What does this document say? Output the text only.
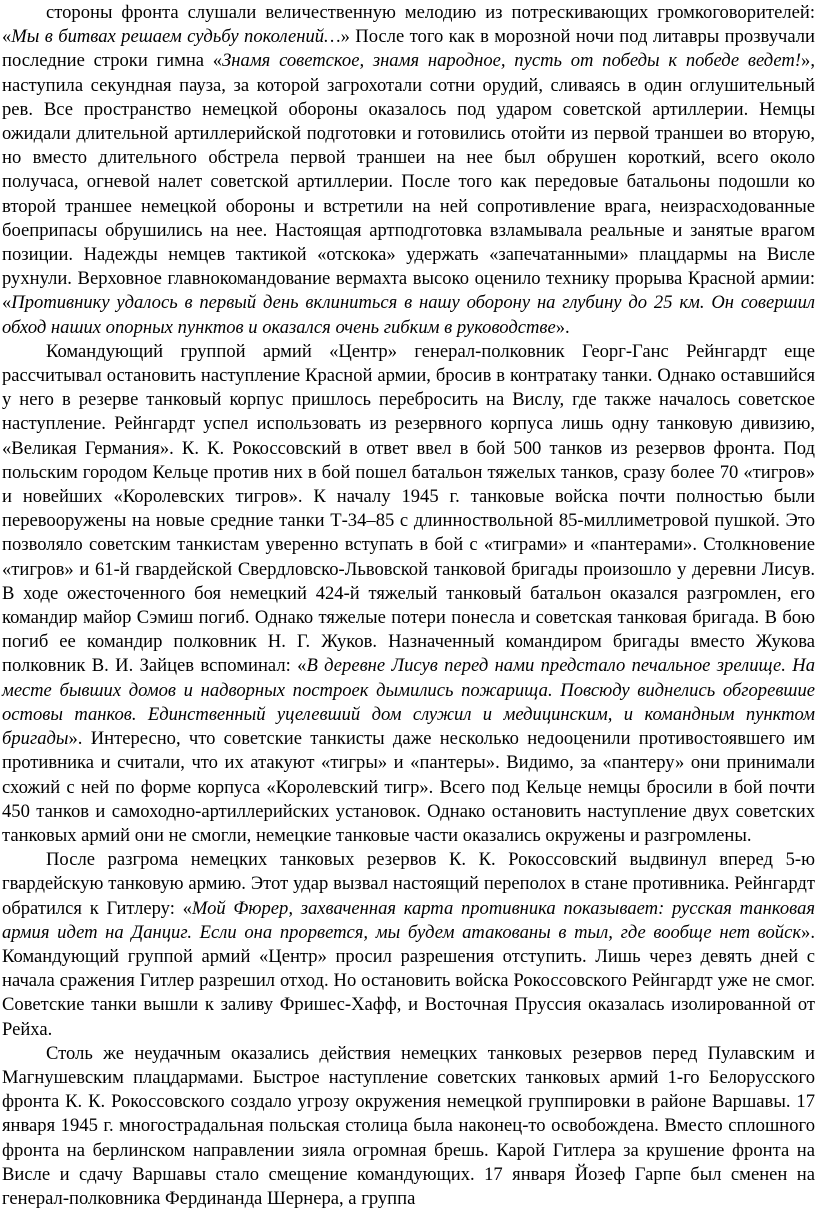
стороны фронта слушали величественную мелодию из потрескивающих громкоговорителей: «Мы в битвах решаем судьбу поколений…» После того как в морозной ночи под литавры прозвучали последние строки гимна «Знамя советское, знамя народное, пусть от победы к победе ведет!», наступила секундная пауза, за которой загрохотали сотни орудий, сливаясь в один оглушительный рев. Все пространство немецкой обороны оказалось под ударом советской артиллерии. Немцы ожидали длительной артиллерийской подготовки и готовились отойти из первой траншеи во вторую, но вместо длительного обстрела первой траншеи на нее был обрушен короткий, всего около получаса, огневой налет советской артиллерии. После того как передовые батальоны подошли ко второй траншее немецкой обороны и встретили на ней сопротивление врага, неизрасходованные боеприпасы обрушились на нее. Настоящая артподготовка взламывала реальные и занятые врагом позиции. Надежды немцев тактикой «отскока» удержать «запечатанными» плацдармы на Висле рухнули. Верховное главнокомандование вермахта высоко оценило технику прорыва Красной армии: «Противнику удалось в первый день вклиниться в нашу оборону на глубину до 25 км. Он совершил обход наших опорных пунктов и оказался очень гибким в руководстве».

Командующий группой армий «Центр» генерал-полковник Георг-Ганс Рейнгардт еще рассчитывал остановить наступление Красной армии, бросив в контратаку танки. Однако оставшийся у него в резерве танковый корпус пришлось перебросить на Вислу, где также началось советское наступление. Рейнгардт успел использовать из резервного корпуса лишь одну танковую дивизию, «Великая Германия». К. К. Рокоссовский в ответ ввел в бой 500 танков из резервов фронта. Под польским городом Кельце против них в бой пошел батальон тяжелых танков, сразу более 70 «тигров» и новейших «Королевских тигров». К началу 1945 г. танковые войска почти полностью были перевооружены на новые средние танки Т-34–85 с длинноствольной 85-миллиметровой пушкой. Это позволяло советским танкистам уверенно вступать в бой с «тиграми» и «пантерами». Столкновение «тигров» и 61-й гвардейской Свердловско-Львовской танковой бригады произошло у деревни Лисув. В ходе ожесточенного боя немецкий 424-й тяжелый танковый батальон оказался разгромлен, его командир майор Сэмиш погиб. Однако тяжелые потери понесла и советская танковая бригада. В бою погиб ее командир полковник Н. Г. Жуков. Назначенный командиром бригады вместо Жукова полковник В. И. Зайцев вспоминал: «В деревне Лисув перед нами предстало печальное зрелище. На месте бывших домов и надворных построек дымились пожарища. Повсюду виднелись обгоревшие остовы танков. Единственный уцелевший дом служил и медицинским, и командным пунктом бригады». Интересно, что советские танкисты даже несколько недооценили противостоявшего им противника и считали, что их атакуют «тигры» и «пантеры». Видимо, за «пантеру» они принимали схожий с ней по форме корпуса «Королевский тигр». Всего под Кельце немцы бросили в бой почти 450 танков и самоходно-артиллерийских установок. Однако остановить наступление двух советских танковых армий они не смогли, немецкие танковые части оказались окружены и разгромлены.

После разгрома немецких танковых резервов К. К. Рокоссовский выдвинул вперед 5-ю гвардейскую танковую армию. Этот удар вызвал настоящий переполох в стане противника. Рейнгардт обратился к Гитлеру: «Мой Фюрер, захваченная карта противника показывает: русская танковая армия идет на Данциг. Если она прорвется, мы будем атакованы в тыл, где вообще нет войск». Командующий группой армий «Центр» просил разрешения отступить. Лишь через девять дней с начала сражения Гитлер разрешил отход. Но остановить войска Рокоссовского Рейнгардт уже не смог. Советские танки вышли к заливу Фришес-Хафф, и Восточная Пруссия оказалась изолированной от Рейха.

Столь же неудачным оказались действия немецких танковых резервов перед Пулавским и Магнушевским плацдармами. Быстрое наступление советских танковых армий 1-го Белорусского фронта К. К. Рокоссовского создало угрозу окружения немецкой группировки в районе Варшавы. 17 января 1945 г. многострадальная польская столица была наконец-то освобождена. Вместо сплошного фронта на берлинском направлении зияла огромная брешь. Карой Гитлера за крушение фронта на Висле и сдачу Варшавы стало смещение командующих. 17 января Йозеф Гарпе был сменен на генерал-полковника Фердинанда Шернера, а группа
